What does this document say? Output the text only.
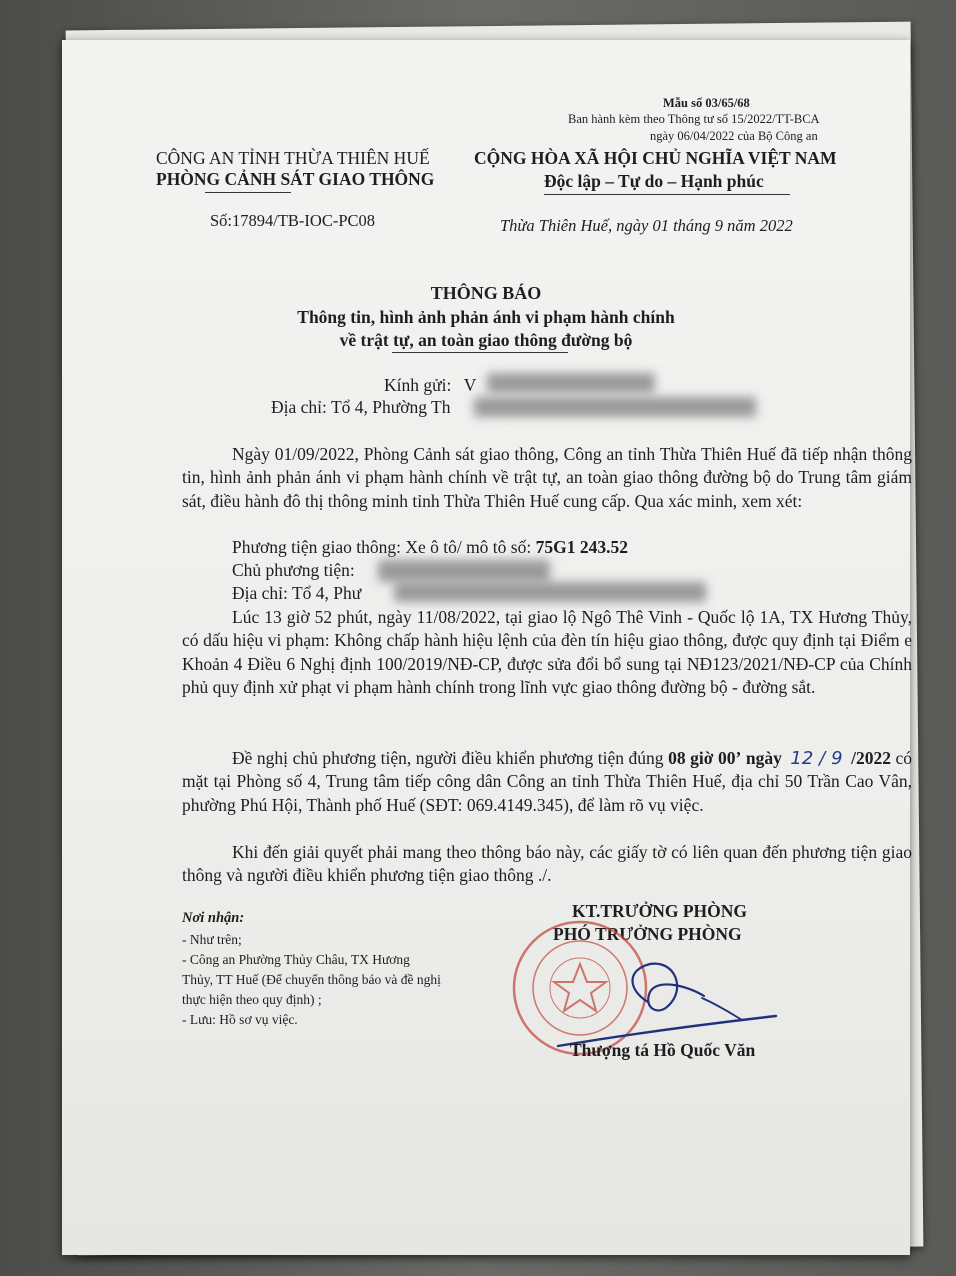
Mẫu số 03/65/68
Ban hành kèm theo Thông tư số 15/2022/TT-BCA
ngày 06/04/2022 của Bộ Công an
CÔNG AN TỈNH THỪA THIÊN HUẾ
PHÒNG CẢNH SÁT GIAO THÔNG
CỘNG HÒA XÃ HỘI CHỦ NGHĨA VIỆT NAM
Độc lập – Tự do – Hạnh phúc
Số:17894/TB-IOC-PC08	Thừa Thiên Huế, ngày 01 tháng 9 năm 2022
THÔNG BÁO
Thông tin, hình ảnh phản ánh vi phạm hành chính
về trật tự, an toàn giao thông đường bộ
Kính gửi: V
Địa chỉ: Tổ 4, Phường Th
Ngày 01/09/2022, Phòng Cảnh sát giao thông, Công an tỉnh Thừa Thiên Huế đã tiếp nhận thông tin, hình ảnh phản ánh vi phạm hành chính về trật tự, an toàn giao thông đường bộ do Trung tâm giám sát, điều hành đô thị thông minh tỉnh Thừa Thiên Huế cung cấp. Qua xác minh, xem xét:
Phương tiện giao thông: Xe ô tô/ mô tô số: 75G1 243.52
Chủ phương tiện:
Địa chỉ: Tổ 4, Phư
Lúc 13 giờ 52 phút, ngày 11/08/2022, tại giao lộ Ngô Thê Vinh - Quốc lộ 1A, TX Hương Thủy, có dấu hiệu vi phạm: Không chấp hành hiệu lệnh của đèn tín hiệu giao thông, được quy định tại Điểm e Khoản 4 Điều 6 Nghị định 100/2019/NĐ-CP, được sửa đổi bổ sung tại NĐ123/2021/NĐ-CP của Chính phủ quy định xử phạt vi phạm hành chính trong lĩnh vực giao thông đường bộ - đường sắt.
Đề nghị chủ phương tiện, người điều khiển phương tiện đúng 08 giờ 00’ ngày 12 / 9 /2022 có mặt tại Phòng số 4, Trung tâm tiếp công dân Công an tỉnh Thừa Thiên Huế, địa chỉ 50 Trần Cao Vân, phường Phú Hội, Thành phố Huế (SĐT: 069.4149.345), để làm rõ vụ việc.
Khi đến giải quyết phải mang theo thông báo này, các giấy tờ có liên quan đến phương tiện giao thông và người điều khiển phương tiện giao thông ./.
Nơi nhận:
- Như trên;
- Công an Phường Thủy Châu, TX Hương
Thủy, TT Huế (Để chuyển thông báo và đề nghị
thực hiện theo quy định) ;
- Lưu: Hồ sơ vụ việc.
KT.TRƯỞNG PHÒNG
PHÓ TRƯỞNG PHÒNG
Thượng tá Hồ Quốc Văn
